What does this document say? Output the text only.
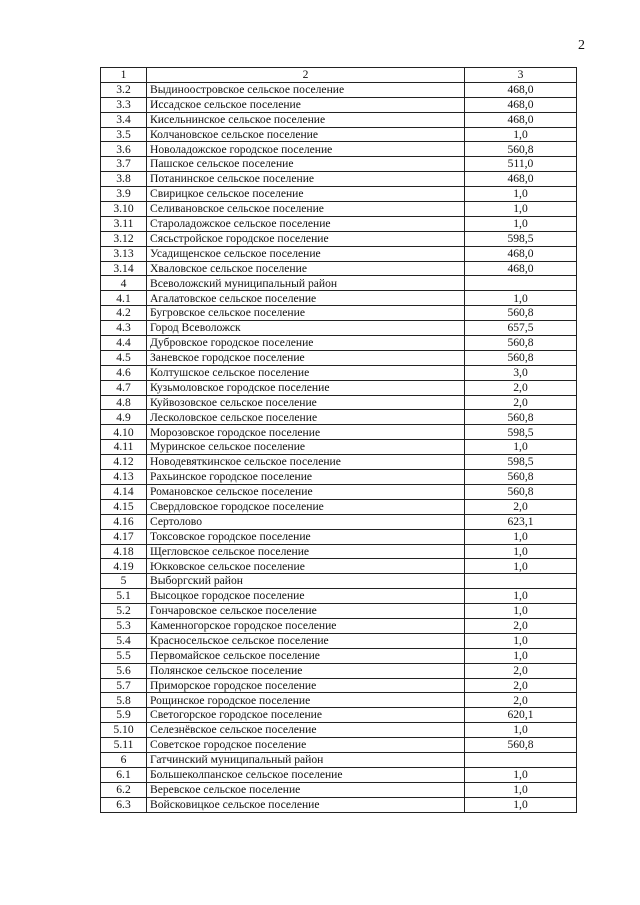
2
1	2	3
3.2	Выдиноостровское сельское поселение	468,0
3.3	Иссадское сельское поселение	468,0
3.4	Кисельнинское сельское поселение	468,0
3.5	Колчановское сельское поселение	1,0
3.6	Новоладожское городское поселение	560,8
3.7	Пашское сельское поселение	511,0
3.8	Потанинское сельское поселение	468,0
3.9	Свирицкое сельское поселение	1,0
3.10	Селивановское сельское поселение	1,0
3.11	Староладожское сельское поселение	1,0
3.12	Сясьстройское городское поселение	598,5
3.13	Усадищенское сельское поселение	468,0
3.14	Хваловское сельское поселение	468,0
4	Всеволожский муниципальный район	
4.1	Агалатовское сельское поселение	1,0
4.2	Бугровское сельское поселение	560,8
4.3	Город Всеволожск	657,5
4.4	Дубровское городское поселение	560,8
4.5	Заневское городское поселение	560,8
4.6	Колтушское сельское поселение	3,0
4.7	Кузьмоловское городское поселение	2,0
4.8	Куйвозовское сельское поселение	2,0
4.9	Лесколовское сельское поселение	560,8
4.10	Морозовское городское поселение	598,5
4.11	Муринское сельское поселение	1,0
4.12	Новодевяткинское сельское поселение	598,5
4.13	Рахьинское городское поселение	560,8
4.14	Романовское сельское поселение	560,8
4.15	Свердловское городское поселение	2,0
4.16	Сертолово	623,1
4.17	Токсовское городское поселение	1,0
4.18	Щегловское сельское поселение	1,0
4.19	Юкковское сельское поселение	1,0
5	Выборгский район	
5.1	Высоцкое городское поселение	1,0
5.2	Гончаровское сельское поселение	1,0
5.3	Каменногорское городское поселение	2,0
5.4	Красносельское сельское поселение	1,0
5.5	Первомайское сельское поселение	1,0
5.6	Полянское сельское поселение	2,0
5.7	Приморское городское поселение	2,0
5.8	Рощинское городское поселение	2,0
5.9	Светогорское городское поселение	620,1
5.10	Селезнёвское сельское поселение	1,0
5.11	Советское городское поселение	560,8
6	Гатчинский муниципальный район	
6.1	Большеколпанское сельское поселение	1,0
6.2	Веревское сельское поселение	1,0
6.3	Войсковицкое сельское поселение	1,0
